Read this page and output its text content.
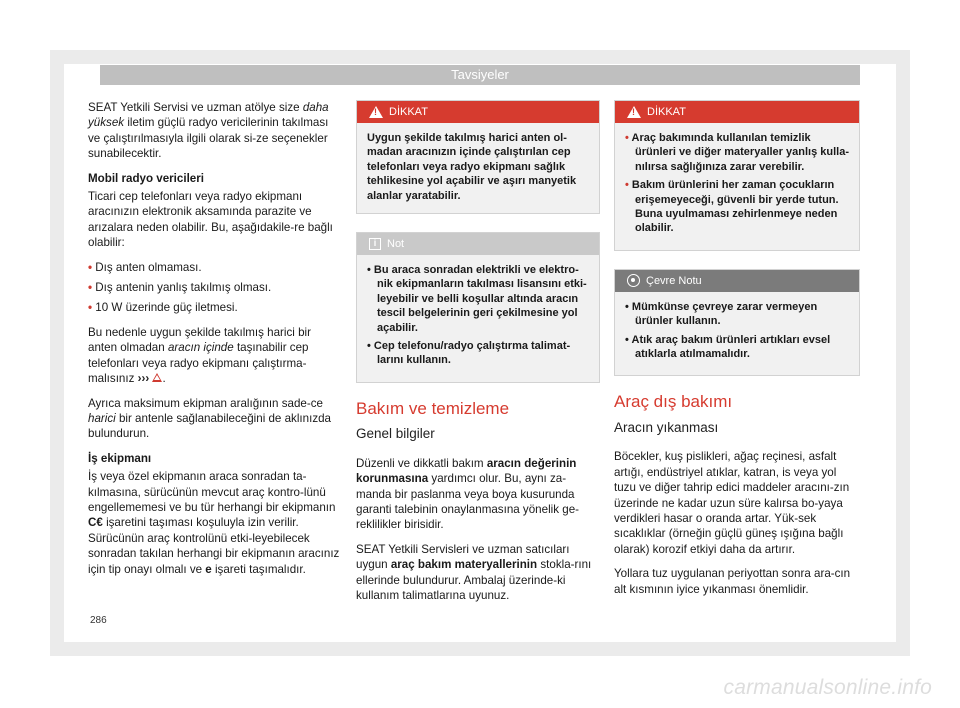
Tavsiyeler

SEAT Yetkili Servisi ve uzman atölye size daha yüksek iletim güçlü radyo vericilerinin takılması ve çalıştırılmasıyla ilgili olarak si-ze seçenekler sunabilecektir.

Mobil radyo vericileri

Ticari cep telefonları veya radyo ekipmanı aracınızın elektronik aksamında parazite ve arızalara neden olabilir. Bu, aşağıdakile-re bağlı olabilir:

• Dış anten olmaması.
• Dış antenin yanlış takılmış olması.
• 10 W üzerinde güç iletmesi.

Bu nedenle uygun şekilde takılmış harici bir anten olmadan aracın içinde taşınabilir cep telefonları veya radyo ekipmanı çalıştırma-malısınız ››› .

Ayrıca maksimum ekipman aralığının sade-ce harici bir antenle sağlanabileceğini de aklınızda bulundurun.

İş ekipmanı

İş veya özel ekipmanın araca sonradan ta-kılmasına, sürücünün mevcut araç kontro-lünü engellememesi ve bu tür herhangi bir ekipmanın C€ işaretini taşıması koşuluyla izin verilir. Sürücünün araç kontrolünü etki-leyebilecek sonradan takılan herhangi bir ekipmanın aracınız için tip onayı olmalı ve e işareti taşımalıdır.

!
DİKKAT
Uygun şekilde takılmış harici anten ol-madan aracınızın içinde çalıştırılan cep telefonları veya radyo ekipmanı sağlık tehlikesine yol açabilir ve aşırı manyetik alanlar yaratabilir.
i Not
• Bu araca sonradan elektrikli ve elektro-nik ekipmanların takılması lisansını etki-leyebilir ve belli koşullar altında aracın tescil belgelerinin geri çekilmesine yol açabilir.
• Cep telefonu/radyo çalıştırma talimat-larını kullanın.
Bakım ve temizleme
Genel bilgiler

Düzenli ve dikkatli bakım aracın değerinin korunmasına yardımcı olur. Bu, aynı za-manda bir paslanma veya boya kusurunda garanti talebinin onaylanmasına yönelik ge-reklilikler birisidir.

SEAT Yetkili Servisleri ve uzman satıcıları uygun araç bakım materyallerinin stokla-rını ellerinde bulundurur. Ambalaj üzerinde-ki kullanım talimatlarına uyunuz.

!
DİKKAT
• Araç bakımında kullanılan temizlik ürünleri ve diğer materyaller yanlış kulla-nılırsa sağlığınıza zarar verebilir.
• Bakım ürünlerini her zaman çocukların erişemeyeceği, güvenli bir yerde tutun. Buna uyulmaması zehirlenmeye neden olabilir.
Çevre Notu
• Mümkünse çevreye zarar vermeyen ürünler kullanın.
• Atık araç bakım ürünleri artıkları evsel atıklarla atılmamalıdır.
Araç dış bakımı
Aracın yıkanması

Böcekler, kuş pislikleri, ağaç reçinesi, asfalt artığı, endüstriyel atıklar, katran, is veya yol tuzu ve diğer tahrip edici maddeler aracını-zın üzerinde ne kadar uzun süre kalırsa bo-yaya verdikleri hasar o oranda artar. Yük-sek sıcaklıklar (örneğin güçlü güneş ışığına bağlı olarak) korozif etkiyi daha da artırır.

Yollara tuz uygulanan periyottan sonra ara-cın alt kısmının iyice yıkanması önemlidir.

286
carmanualsonline.info
